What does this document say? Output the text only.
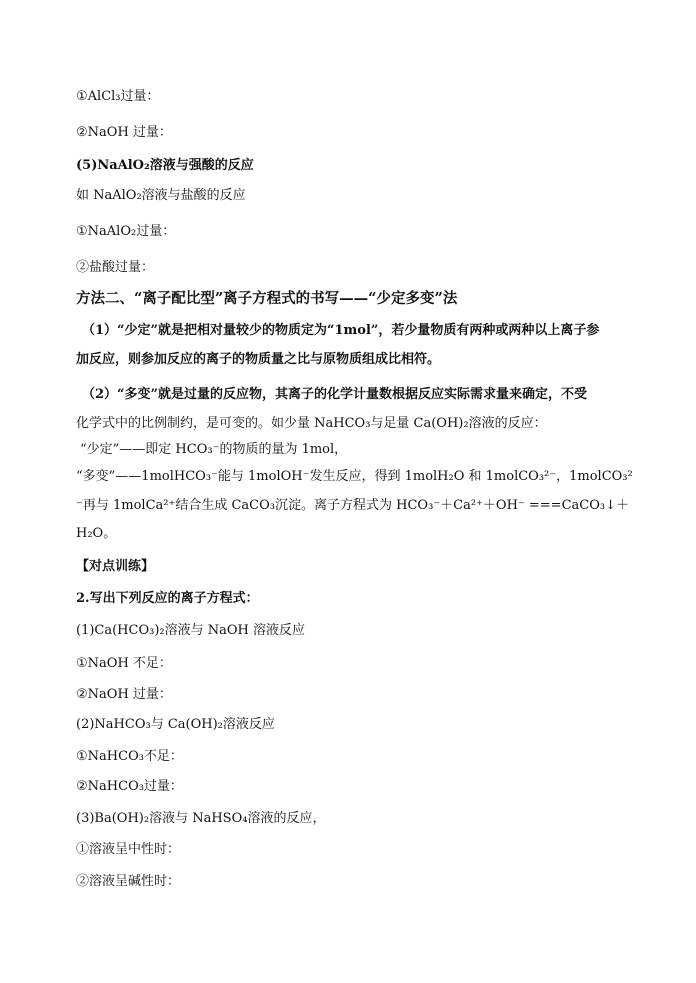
①AlCl₃过量：
②NaOH 过量：
(5)NaAlO₂溶液与强酸的反应
如 NaAlO₂溶液与盐酸的反应
①NaAlO₂过量：
②盐酸过量：
方法二、“离子配比型”离子方程式的书写——“少定多变”法
（1）“少定”就是把相对量较少的物质定为“1mol”，若少量物质有两种或两种以上离子参
加反应，则参加反应的离子的物质量之比与原物质组成比相符。
（2）“多变”就是过量的反应物，其离子的化学计量数根据反应实际需求量来确定，不受
化学式中的比例制约，是可变的。如少量 NaHCO₃与足量 Ca(OH)₂溶液的反应：
“少定”——即定 HCO₃⁻的物质的量为 1mol，
“多变”——1molHCO₃⁻能与 1molOH⁻发生反应，得到 1molH₂O 和 1molCO₃²⁻，1molCO₃²
⁻再与 1molCa²⁺结合生成 CaCO₃沉淀。离子方程式为 HCO₃⁻＋Ca²⁺＋OH⁻ ===CaCO₃↓＋
H₂O。
【对点训练】
2.写出下列反应的离子方程式：
(1)Ca(HCO₃)₂溶液与 NaOH 溶液反应
①NaOH 不足：
②NaOH 过量：
(2)NaHCO₃与 Ca(OH)₂溶液反应
①NaHCO₃不足：
②NaHCO₃过量：
(3)Ba(OH)₂溶液与 NaHSO₄溶液的反应，
①溶液呈中性时：
②溶液呈碱性时：
